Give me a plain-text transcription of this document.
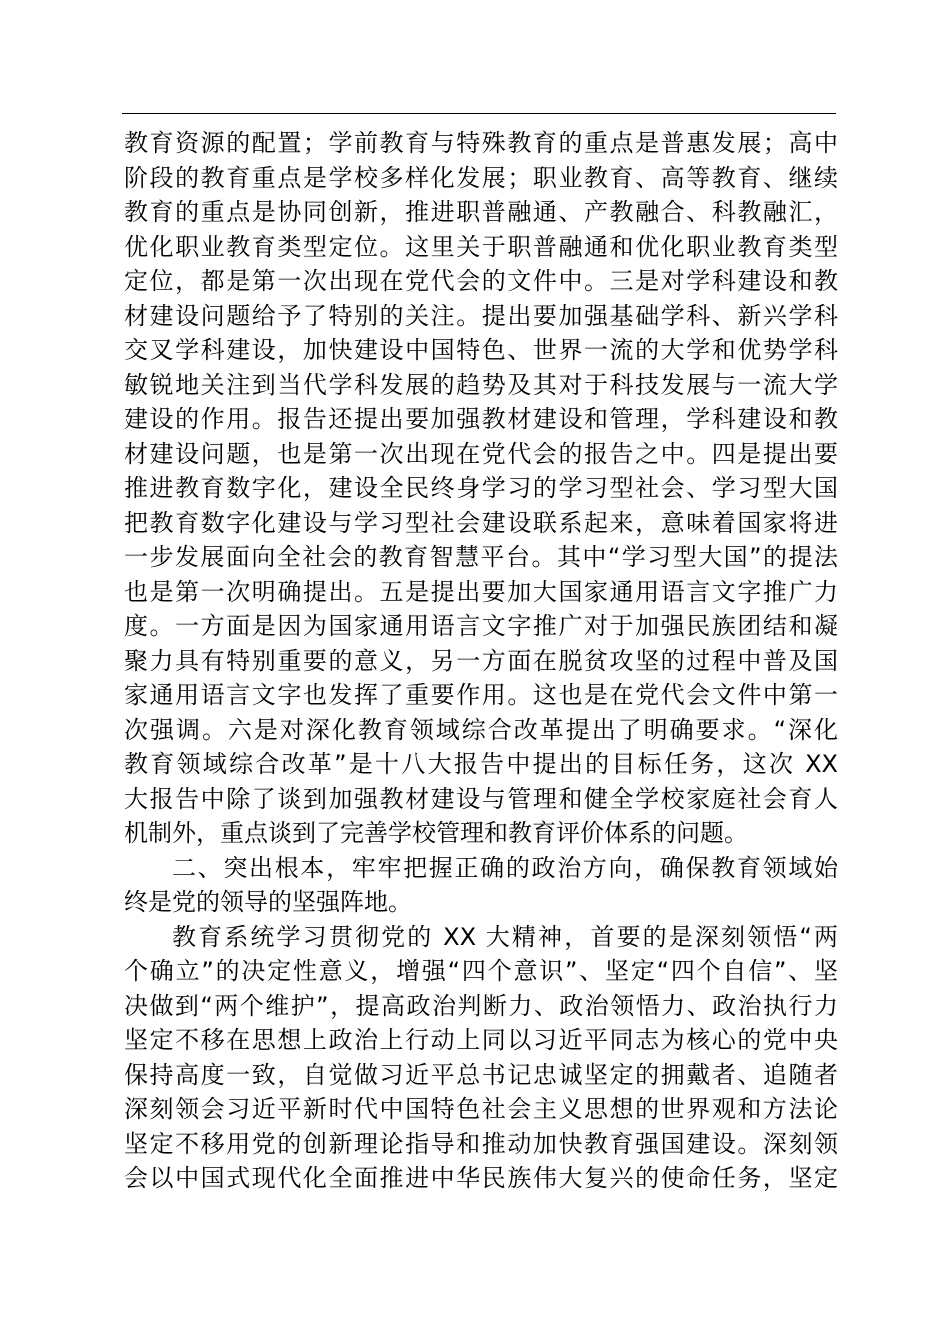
教育资源的配置；学前教育与特殊教育的重点是普惠发展；高中
阶段的教育重点是学校多样化发展；职业教育、高等教育、继续
教育的重点是协同创新，推进职普融通、产教融合、科教融汇，
优化职业教育类型定位。这里关于职普融通和优化职业教育类型
定位，都是第一次出现在党代会的文件中。三是对学科建设和教
材建设问题给予了特别的关注。提出要加强基础学科、新兴学科
交叉学科建设，加快建设中国特色、世界一流的大学和优势学科
敏锐地关注到当代学科发展的趋势及其对于科技发展与一流大学
建设的作用。报告还提出要加强教材建设和管理，学科建设和教
材建设问题，也是第一次出现在党代会的报告之中。四是提出要
推进教育数字化，建设全民终身学习的学习型社会、学习型大国
把教育数字化建设与学习型社会建设联系起来，意味着国家将进
一步发展面向全社会的教育智慧平台。其中“学习型大国”的提法
也是第一次明确提出。五是提出要加大国家通用语言文字推广力
度。一方面是因为国家通用语言文字推广对于加强民族团结和凝
聚力具有特别重要的意义，另一方面在脱贫攻坚的过程中普及国
家通用语言文字也发挥了重要作用。这也是在党代会文件中第一
次强调。六是对深化教育领域综合改革提出了明确要求。“深化
教育领域综合改革”是十八大报告中提出的目标任务，这次 XX
大报告中除了谈到加强教材建设与管理和健全学校家庭社会育人
机制外，重点谈到了完善学校管理和教育评价体系的问题。
二、突出根本，牢牢把握正确的政治方向，确保教育领域始
终是党的领导的坚强阵地。
教育系统学习贯彻党的 XX 大精神，首要的是深刻领悟“两
个确立”的决定性意义，增强“四个意识”、坚定“四个自信”、坚
决做到“两个维护”，提高政治判断力、政治领悟力、政治执行力
坚定不移在思想上政治上行动上同以习近平同志为核心的党中央
保持高度一致，自觉做习近平总书记忠诚坚定的拥戴者、追随者
深刻领会习近平新时代中国特色社会主义思想的世界观和方法论
坚定不移用党的创新理论指导和推动加快教育强国建设。深刻领
会以中国式现代化全面推进中华民族伟大复兴的使命任务，坚定
